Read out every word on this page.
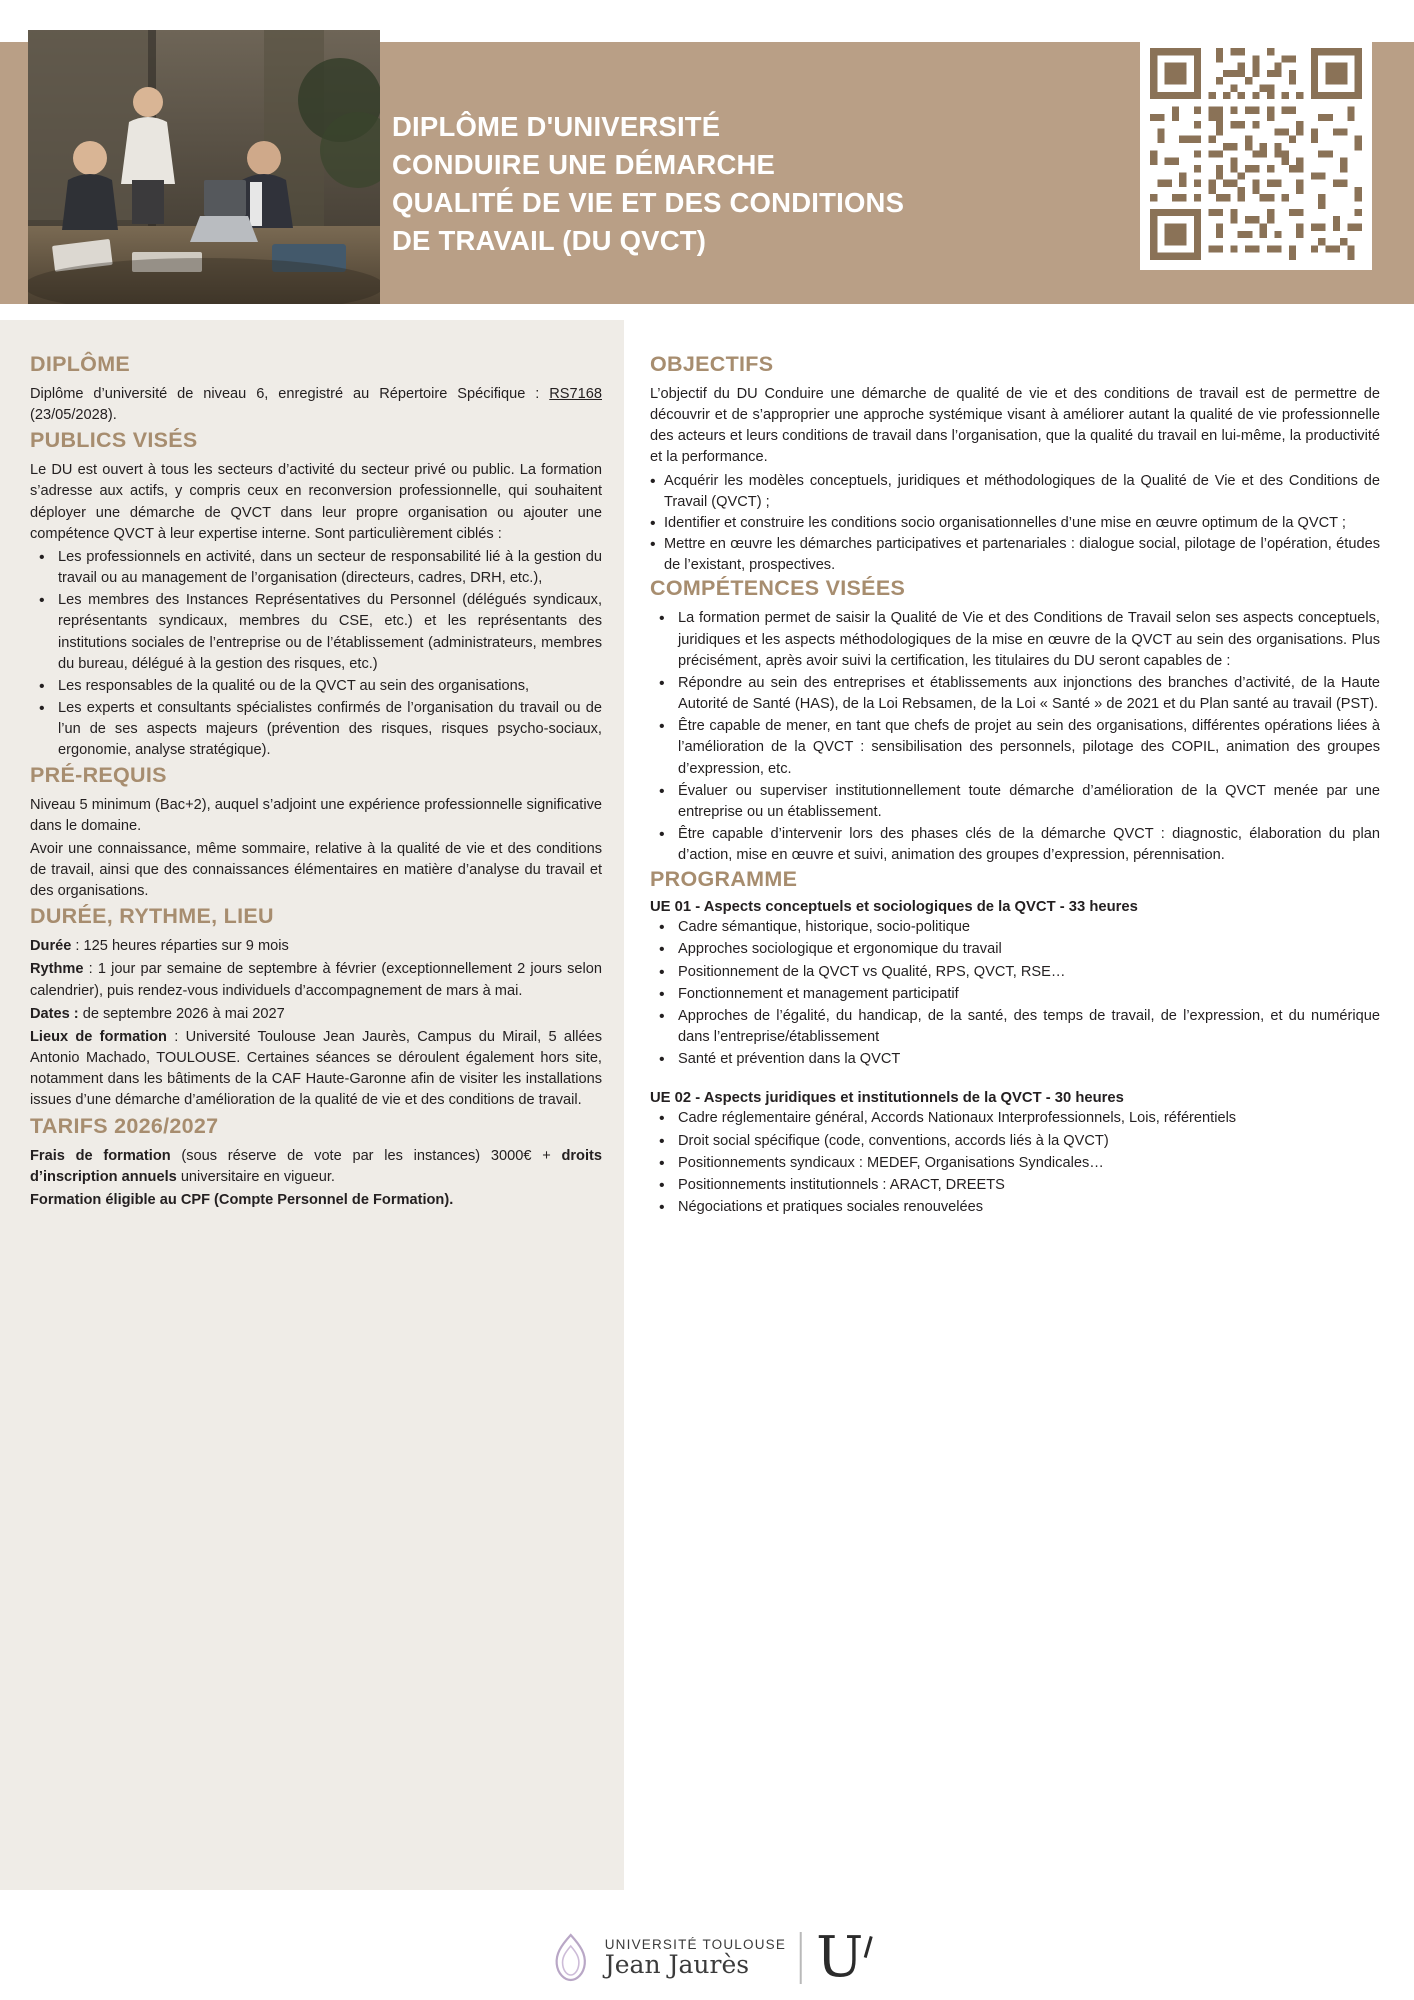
DIPLÔME D'UNIVERSITÉ
CONDUIRE UNE DÉMARCHE
QUALITÉ DE VIE ET DES CONDITIONS
DE TRAVAIL (DU QVCT)
DIPLÔME

Diplôme d’université de niveau 6, enregistré au Répertoire Spécifique : RS7168 (23/05/2028).

PUBLICS VISÉS

Le DU est ouvert à tous les secteurs d’activité du secteur privé ou public. La formation s’adresse aux actifs, y compris ceux en reconversion professionnelle, qui souhaitent déployer une démarche de QVCT dans leur propre organisation ou ajouter une compétence QVCT à leur expertise interne. Sont particulièrement ciblés :

• Les professionnels en activité, dans un secteur de responsabilité lié à la gestion du travail ou au management de l’organisation (directeurs, cadres, DRH, etc.),
• Les membres des Instances Représentatives du Personnel (délégués syndicaux, représentants syndicaux, membres du CSE, etc.) et les représentants des institutions sociales de l’entreprise ou de l’établissement (administrateurs, membres du bureau, délégué à la gestion des risques, etc.)
• Les responsables de la qualité ou de la QVCT au sein des organisations,
• Les experts et consultants spécialistes confirmés de l’organisation du travail ou de l’un de ses aspects majeurs (prévention des risques, risques psycho-sociaux, ergonomie, analyse stratégique).
PRÉ-REQUIS

Niveau 5 minimum (Bac+2), auquel s’adjoint une expérience professionnelle significative dans le domaine.

Avoir une connaissance, même sommaire, relative à la qualité de vie et des conditions de travail, ainsi que des connaissances élémentaires en matière d’analyse du travail et des organisations.

DURÉE, RYTHME, LIEU

Durée : 125 heures réparties sur 9 mois

Rythme : 1 jour par semaine de septembre à février (exceptionnellement 2 jours selon calendrier), puis rendez-vous individuels d’accompagnement de mars à mai.

Dates : de septembre 2026 à mai 2027

Lieux de formation : Université Toulouse Jean Jaurès, Campus du Mirail, 5 allées Antonio Machado, TOULOUSE. Certaines séances se déroulent également hors site, notamment dans les bâtiments de la CAF Haute-Garonne afin de visiter les installations issues d’une démarche d’amélioration de la qualité de vie et des conditions de travail.

TARIFS 2026/2027

Frais de formation (sous réserve de vote par les instances) 3000€ + droits d’inscription annuels universitaire en vigueur.

Formation éligible au CPF (Compte Personnel de Formation).

OBJECTIFS

L’objectif du DU Conduire une démarche de qualité de vie et des conditions de travail est de permettre de découvrir et de s’approprier une approche systémique visant à améliorer autant la qualité de vie professionnelle des acteurs et leurs conditions de travail dans l’organisation, que la qualité du travail en lui-même, la productivité et la performance.

• Acquérir les modèles conceptuels, juridiques et méthodologiques de la Qualité de Vie et des Conditions de Travail (QVCT) ;
• Identifier et construire les conditions socio organisationnelles d’une mise en œuvre optimum de la QVCT ;
• Mettre en œuvre les démarches participatives et partenariales : dialogue social, pilotage de l’opération, études de l’existant, prospectives.
COMPÉTENCES VISÉES
• La formation permet de saisir la Qualité de Vie et des Conditions de Travail selon ses aspects conceptuels, juridiques et les aspects méthodologiques de la mise en œuvre de la QVCT au sein des organisations. Plus précisément, après avoir suivi la certification, les titulaires du DU seront capables de :
• Répondre au sein des entreprises et établissements aux injonctions des branches d’activité, de la Haute Autorité de Santé (HAS), de la Loi Rebsamen, de la Loi « Santé » de 2021 et du Plan santé au travail (PST).
• Être capable de mener, en tant que chefs de projet au sein des organisations, différentes opérations liées à l’amélioration de la QVCT : sensibilisation des personnels, pilotage des COPIL, animation des groupes d’expression, etc.
• Évaluer ou superviser institutionnellement toute démarche d’amélioration de la QVCT menée par une entreprise ou un établissement.
• Être capable d’intervenir lors des phases clés de la démarche QVCT : diagnostic, élaboration du plan d’action, mise en œuvre et suivi, animation des groupes d’expression, pérennisation.
PROGRAMME
UE 01 - Aspects conceptuels et sociologiques de la QVCT - 33 heures
• Cadre sémantique, historique, socio-politique
• Approches sociologique et ergonomique du travail
• Positionnement de la QVCT vs Qualité, RPS, QVCT, RSE…
• Fonctionnement et management participatif
• Approches de l’égalité, du handicap, de la santé, des temps de travail, de l’expression, et du numérique dans l’entreprise/établissement
• Santé et prévention dans la QVCT
UE 02 - Aspects juridiques et institutionnels de la QVCT - 30 heures
• Cadre réglementaire général, Accords Nationaux Interprofessionnels, Lois, référentiels
• Droit social spécifique (code, conventions, accords liés à la QVCT)
• Positionnements syndicaux : MEDEF, Organisations Syndicales…
• Positionnements institutionnels : ARACT, DREETS
• Négociations et pratiques sociales renouvelées
UNIVERSITÉ TOULOUSE
Jean Jaurès	U
